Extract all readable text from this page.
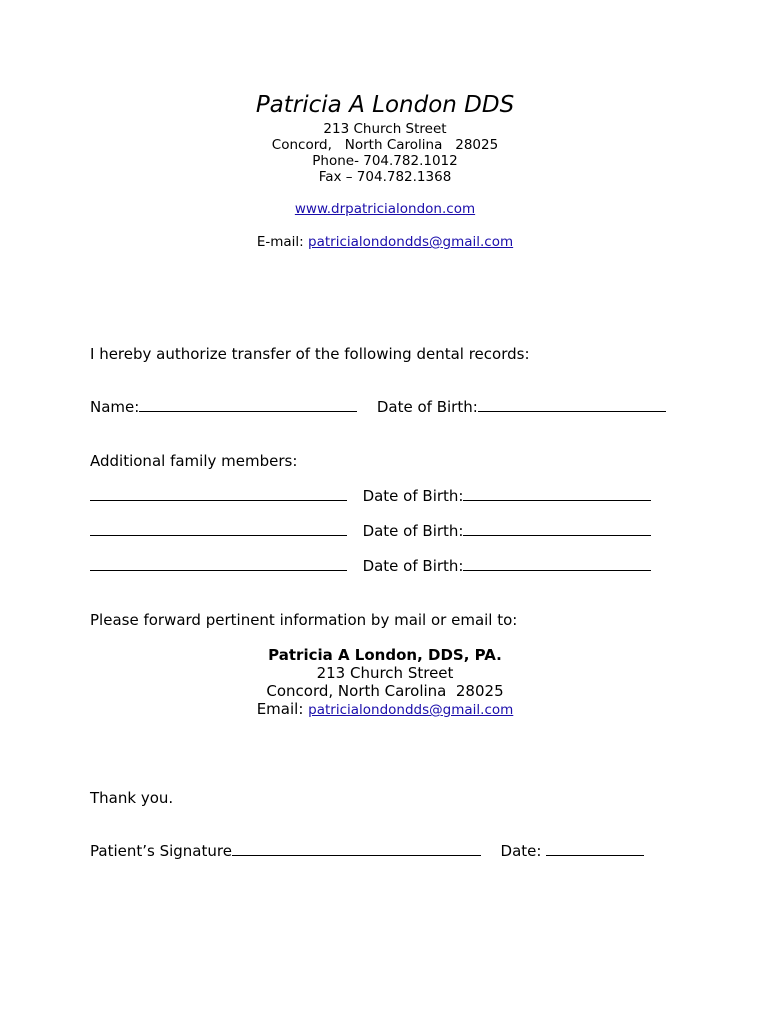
Patricia A London DDS
213 Church Street
Concord,   North Carolina   28025
Phone- 704.782.1012
Fax – 704.782.1368
www.drpatricialondon.com
E-mail: patricialondondds@gmail.com
I hereby authorize transfer of the following dental records:
Name:	Date of Birth:
Additional family members:
Date of Birth:
Date of Birth:
Date of Birth:
Please forward pertinent information by mail or email to:
Patricia A London, DDS, PA.
213 Church Street
Concord, North Carolina  28025
Email: patricialondondds@gmail.com
Thank you.
Patient’s Signature	Date:
